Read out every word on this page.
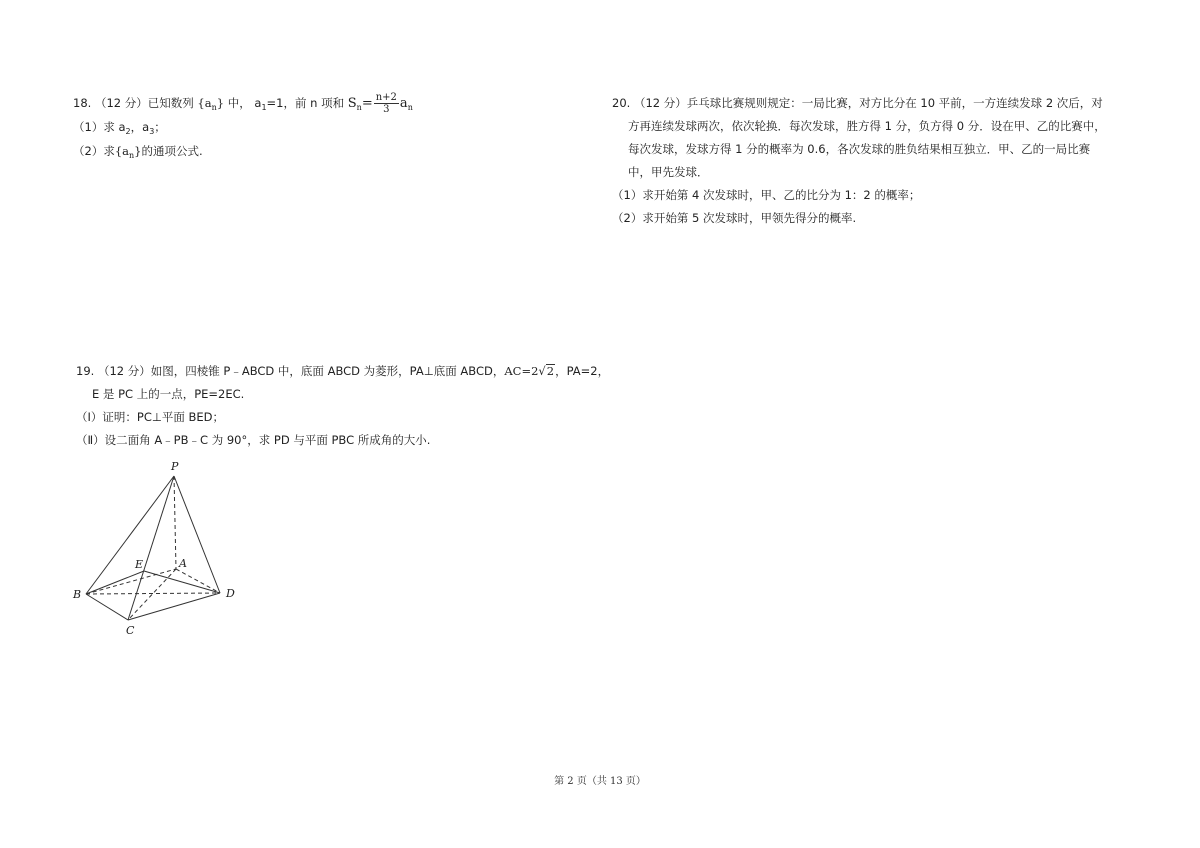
18. （12 分）已知数列 $\{a_n\}$ 中， $a_1=1$，前 n 项和 $S_n= \frac{n+2}{3} a_n$
（1）求 $a_2$，$a_3$；
（2）求$\{a_n\}$的通项公式.
19. （12 分）如图，四棱锥 P﹣ABCD 中，底面 ABCD 为菱形，PA⊥底面 ABCD，AC=2√2，PA=2，
E 是 PC 上的一点，PE=2EC.
（Ⅰ）证明：PC⊥平面 BED；
（Ⅱ）设二面角 A﹣PB﹣C 为 90°，求 PD 与平面 PBC 所成角的大小.
P
A
B
C
D
E
20. （12 分）乒乓球比赛规则规定：一局比赛，对方比分在 10 平前，一方连续发球 2 次后，对
方再连续发球两次，依次轮换．每次发球，胜方得 1 分，负方得 0 分．设在甲、乙的比赛中，
每次发球，发球方得 1 分的概率为 0.6，各次发球的胜负结果相互独立．甲、乙的一局比赛
中，甲先发球．
（1）求开始第 4 次发球时，甲、乙的比分为 1：2 的概率；
（2）求开始第 5 次发球时，甲领先得分的概率.
第 2 页（共 13 页）
